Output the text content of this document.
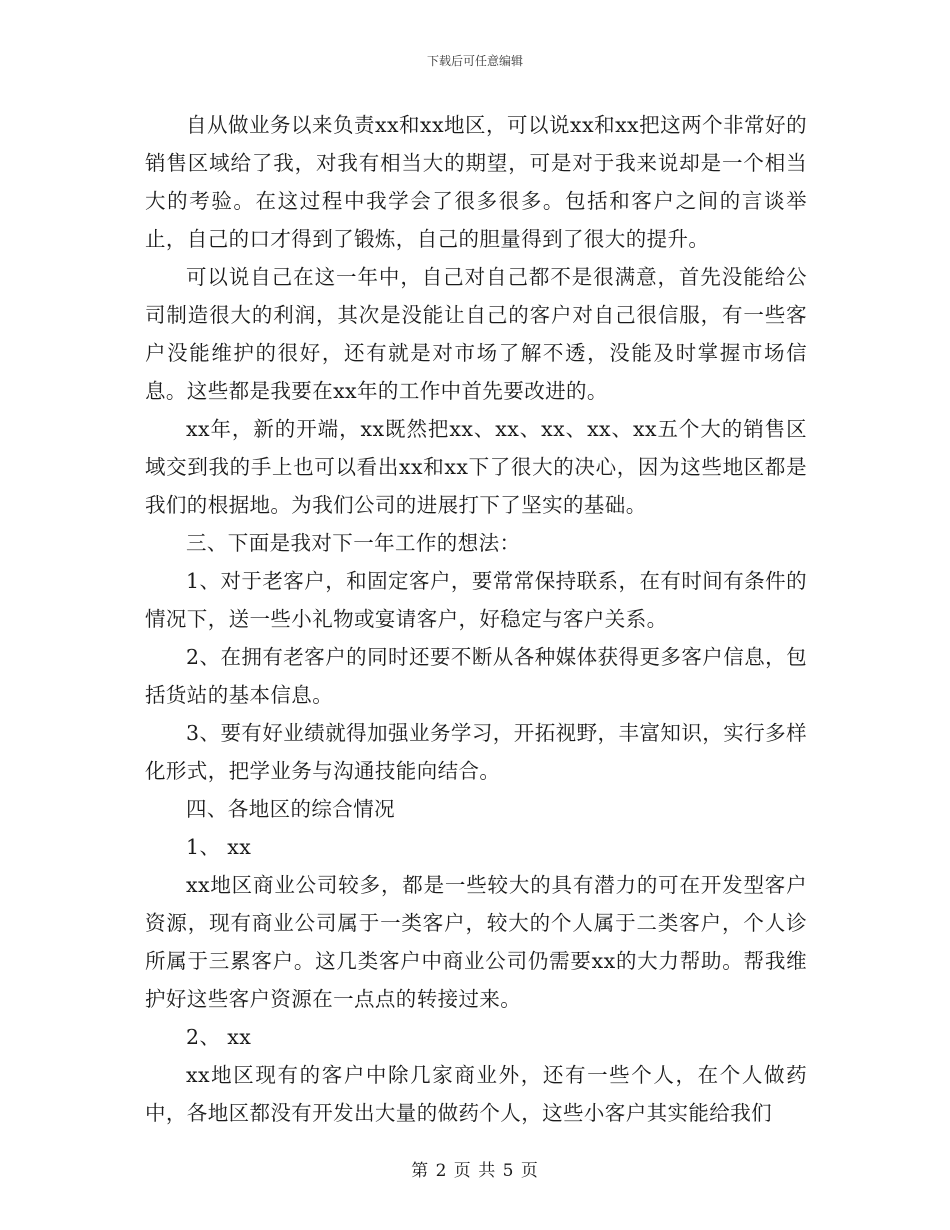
下载后可任意编辑

自从做业务以来负责xx和xx地区，可以说xx和xx把这两个非常好的销售区域给了我，对我有相当大的期望，可是对于我来说却是一个相当大的考验。在这过程中我学会了很多很多。包括和客户之间的言谈举止，自己的口才得到了锻炼，自己的胆量得到了很大的提升。

可以说自己在这一年中，自己对自己都不是很满意，首先没能给公司制造很大的利润，其次是没能让自己的客户对自己很信服，有一些客户没能维护的很好，还有就是对市场了解不透，没能及时掌握市场信息。这些都是我要在xx年的工作中首先要改进的。

xx年，新的开端，xx既然把xx、xx、xx、xx、xx五个大的销售区域交到我的手上也可以看出xx和xx下了很大的决心，因为这些地区都是我们的根据地。为我们公司的进展打下了坚实的基础。

三、下面是我对下一年工作的想法：

1、对于老客户，和固定客户，要常常保持联系，在有时间有条件的情况下，送一些小礼物或宴请客户，好稳定与客户关系。

2、在拥有老客户的同时还要不断从各种媒体获得更多客户信息，包括货站的基本信息。

3、要有好业绩就得加强业务学习，开拓视野，丰富知识，实行多样化形式，把学业务与沟通技能向结合。

四、各地区的综合情况

1、 xx

xx地区商业公司较多，都是一些较大的具有潜力的可在开发型客户资源，现有商业公司属于一类客户，较大的个人属于二类客户，个人诊所属于三累客户。这几类客户中商业公司仍需要xx的大力帮助。帮我维护好这些客户资源在一点点的转接过来。

2、 xx

xx地区现有的客户中除几家商业外，还有一些个人，在个人做药中，各地区都没有开发出大量的做药个人，这些小客户其实能给我们

第 2 页 共 5 页
